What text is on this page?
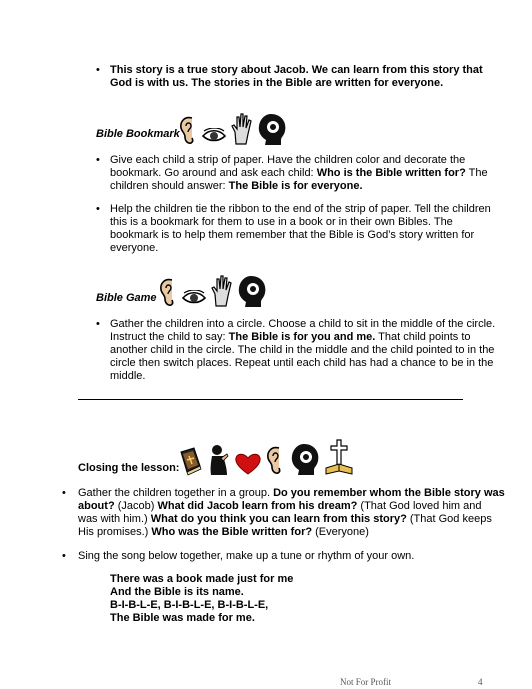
• This story is a true story about Jacob. We can learn from this story that
God is with us. The stories in the Bible are written for everyone.
Bible Bookmark
• Give each child a strip of paper. Have the children color and decorate the
bookmark. Go around and ask each child: Who is the Bible written for? The
children should answer: The Bible is for everyone.
• Help the children tie the ribbon to the end of the strip of paper. Tell the children
this is a bookmark for them to use in a book or in their own Bibles. The
bookmark is to help them remember that the Bible is God’s story written for
everyone.
Bible Game
• Gather the children into a circle. Choose a child to sit in the middle of the circle.
Instruct the child to say: The Bible is for you and me. That child points to
another child in the circle. The child in the middle and the child pointed to in the
circle then switch places. Repeat until each child has had a chance to be in the
middle.
Closing the lesson:
• Gather the children together in a group. Do you remember whom the Bible story was
about? (Jacob) What did Jacob learn from his dream? (That God loved him and
was with him.) What do you think you can learn from this story? (That God keeps
His promises.) Who was the Bible written for? (Everyone)
• Sing the song below together, make up a tune or rhythm of your own.
There was a book made just for me
And the Bible is its name.
B-I-B-L-E, B-I-B-L-E, B-I-B-L-E,
The Bible was made for me.
Not For Profit	4
